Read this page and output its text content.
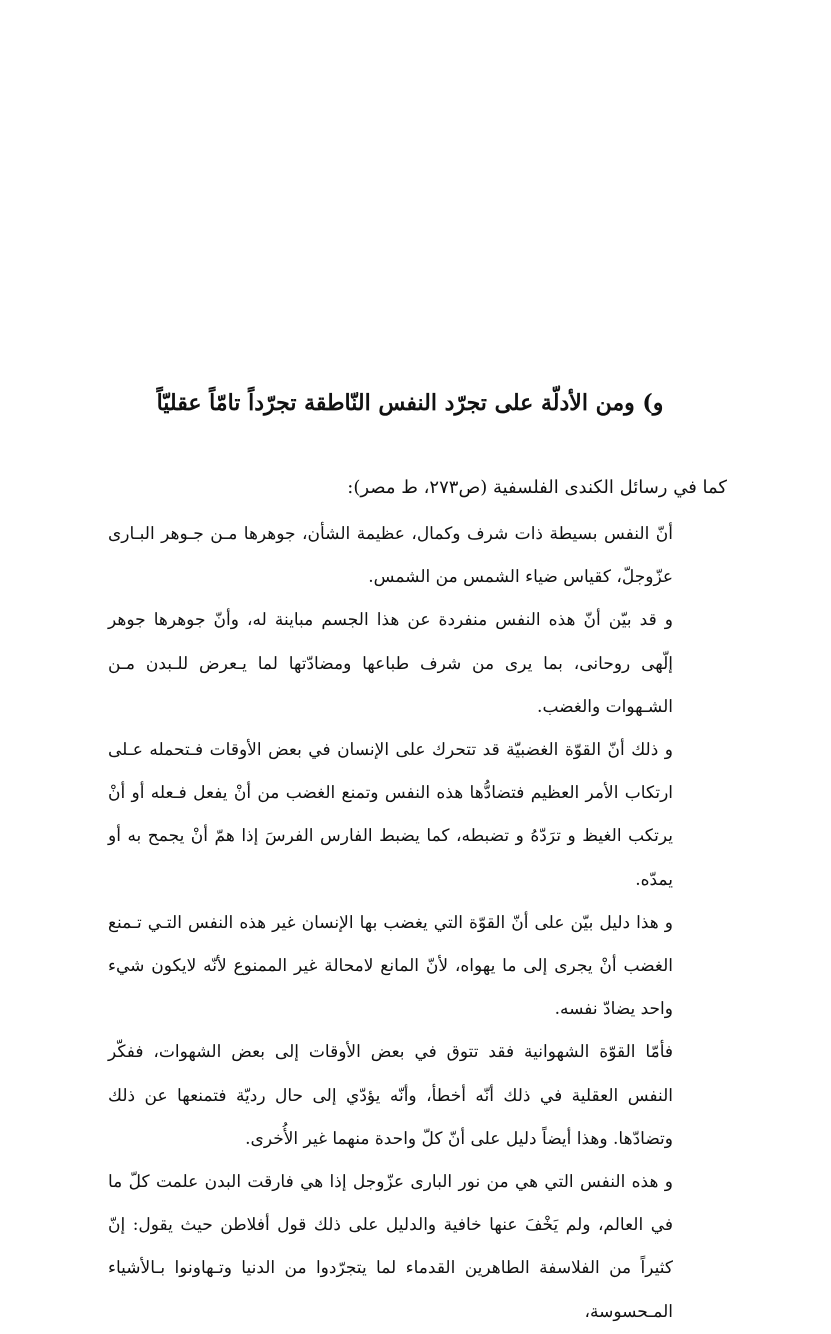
و) ومن الأدلّة على تجرّد النفس النّاطقة تجرّداً تامّاً عقليّاً
كما في رسائل الكندى الفلسفية (ص٢٧٣، ط مصر):

أنّ النفس بسيطة ذات شرف وكمال، عظيمة الشأن، جوهرها مـن جـوهر البـارى عزّوجلّ، كقياس ضياء الشمس من الشمس.

و قد بيّن أنّ هذه النفس منفردة عن هذا الجسم مباينة له، وأنّ جوهرها جوهر إلّهى روحانى، بما يرى من شرف طباعها ومضادّتها لما يـعرض للـبدن مـن الشـهوات والغضب.

و ذلك أنّ القوّة الغضبيّة قد تتحرك على الإنسان في بعض الأوقات فـتحمله عـلى ارتكاب الأمر العظيم فتضادُّها هذه النفس وتمنع الغضب من أنْ يفعل فـعله أو أنْ يرتكب الغيظ و ترَدّهُ و تضبطه، كما يضبط الفارس الفرسَ إذا همّ أنْ يجمح به أو يمدّه.

و هذا دليل بيّن على أنّ القوّة التي يغضب بها الإنسان غير هذه النفس التـي تـمنع الغضب أنْ يجرى إلى ما يهواه، لأنّ المانع لامحالة غير الممنوع لأنّه لايكون شيء واحد يضادّ نفسه.

فأمّا القوّة الشهوانية فقد تتوق في بعض الأوقات إلى بعض الشهوات، ففكّر النفس العقلية في ذلك أنّه أخطأ، وأنّه يؤدّي إلى حال رديّة فتمنعها عن ذلك وتضادّها. وهذا أيضاً دليل على أنّ كلّ واحدة منهما غير الأُخرى.

و هذه النفس التي هي من نور البارى عزّوجل إذا هي فارقت البدن علمت كلّ ما في العالم، ولم يَخْفَ عنها خافية والدليل على ذلك قول أفلاطن حيث يقول: إنّ كثيراً من الفلاسفة الطاهرين القدماء لما يتجرّدوا من الدنيا وتـهاونوا بـالأشياء المـحسوسة،
